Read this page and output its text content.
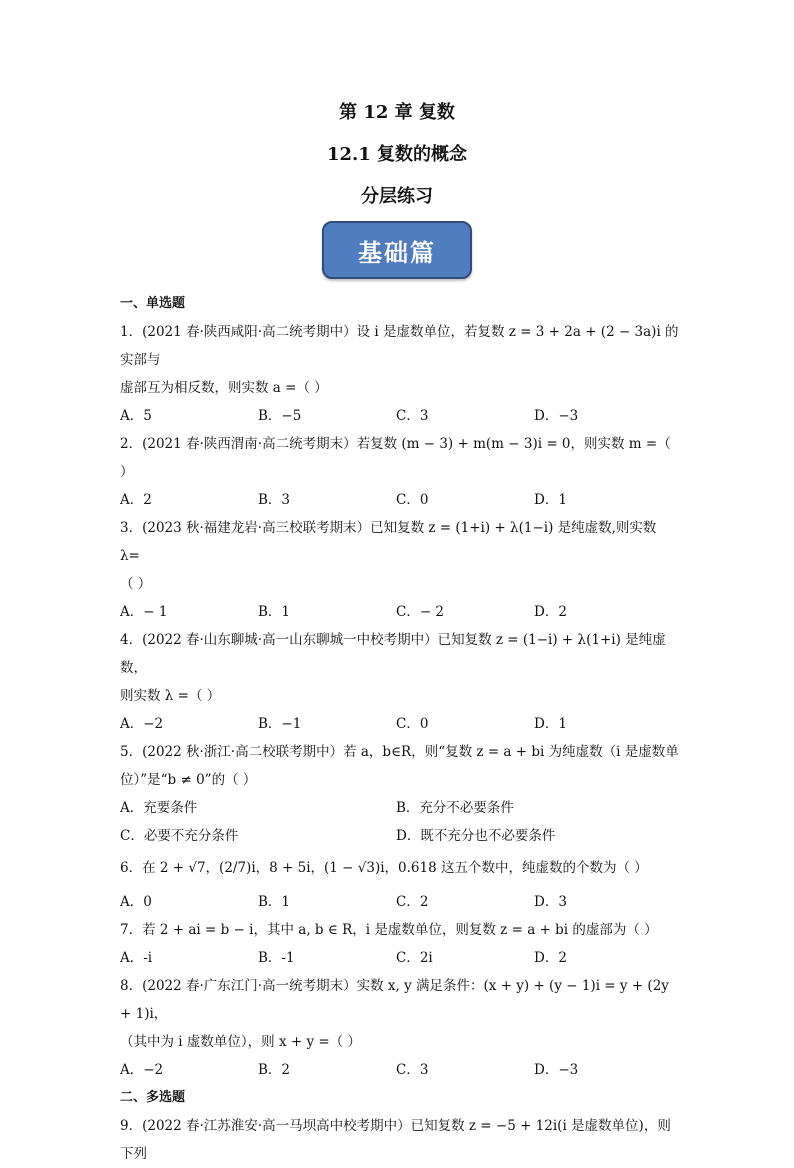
第 12 章 复数
12.1 复数的概念
分层练习
基础篇
一、单选题

1．(2021 春·陕西咸阳·高二统考期中）设 i 是虚数单位，若复数 z = 3 + 2a + (2 − 3a)i 的实部与

虚部互为相反数，则实数 a =（ ）

A．5	B．−5	C．3	D．−3

2．(2021 春·陕西渭南·高二统考期末）若复数 (m − 3) + m(m − 3)i = 0，则实数 m =（ ）

A．2	B．3	C．0	D．1

3．(2023 秋·福建龙岩·高三校联考期末）已知复数 z = (1+i) + λ(1−i) 是纯虚数,则实数 λ=

（ ）

A．− 1	B．1	C．− 2	D．2

4．(2022 春·山东聊城·高一山东聊城一中校考期中）已知复数 z = (1−i) + λ(1+i) 是纯虚数，

则实数 λ =（ ）

A．−2	B．−1	C．0	D．1

5．(2022 秋·浙江·高二校联考期中）若 a，b∈R，则“复数 z = a + bi 为纯虚数（i 是虚数单

位）”是“b ≠ 0”的（ ）

A．充要条件	B．充分不必要条件
C．必要不充分条件	D．既不充分也不必要条件

6．在 2 + √7，(2/7)i，8 + 5i，(1 − √3)i，0.618 这五个数中，纯虚数的个数为（ ）

A．0	B．1	C．2	D．3

7．若 2 + ai = b − i，其中 a, b ∈ R，i 是虚数单位，则复数 z = a + bi 的虚部为（ ）

A．-i	B．-1	C．2i	D．2

8．(2022 春·广东江门·高一统考期末）实数 x, y 满足条件：(x + y) + (y − 1)i = y + (2y + 1)i，

（其中为 i 虚数单位），则 x + y =（ ）

A．−2	B．2	C．3	D．−3
二、多选题

9．(2022 春·江苏淮安·高一马坝高中校考期中）已知复数 z = −5 + 12i(i 是虚数单位)，则下列
